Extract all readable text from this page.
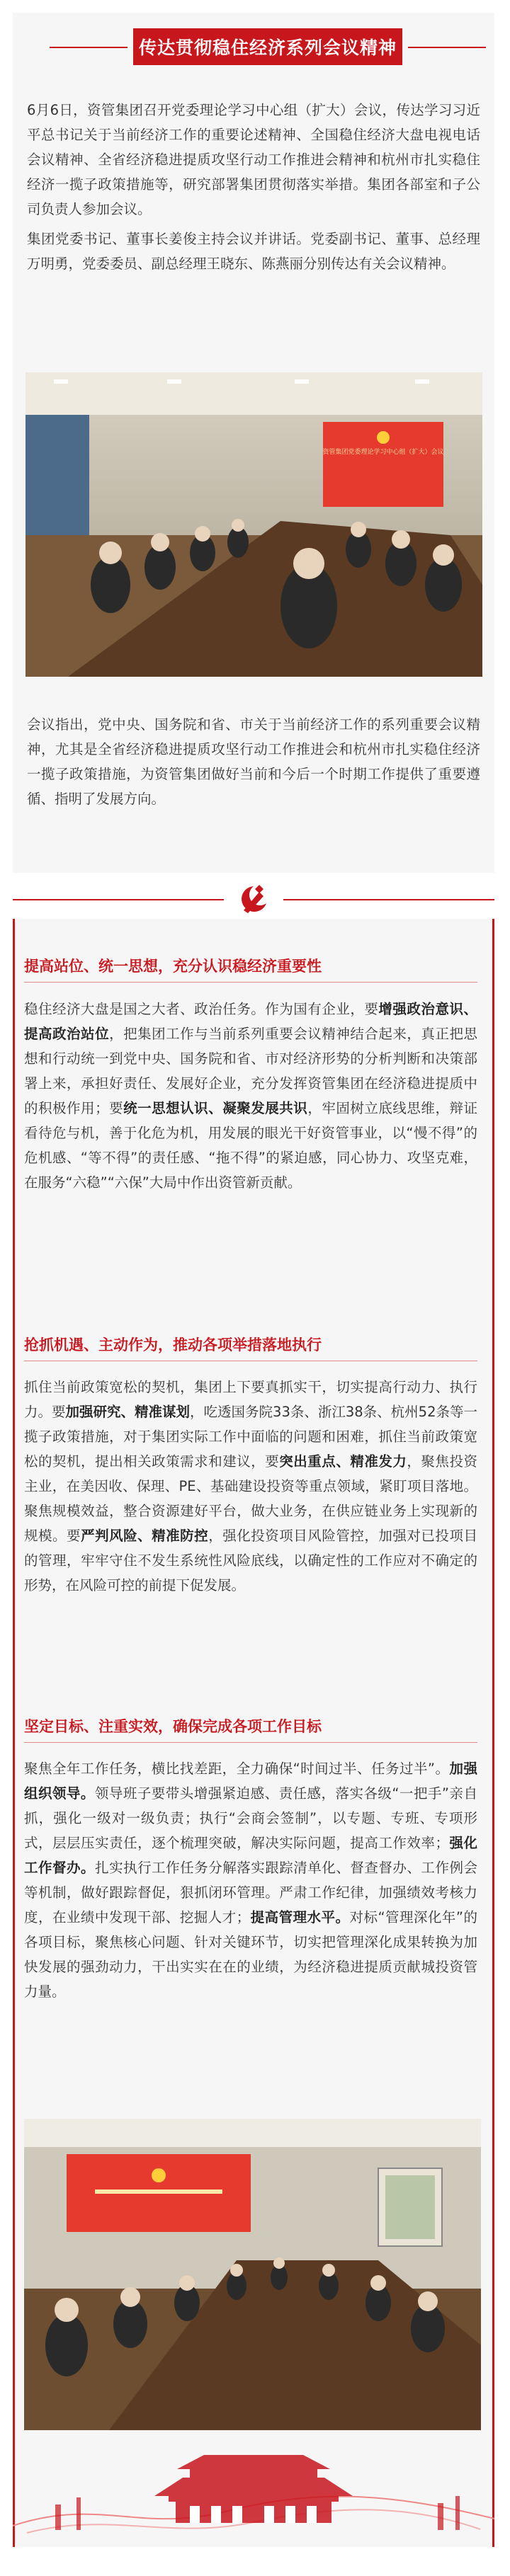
传达贯彻稳住经济系列会议精神
6月6日，资管集团召开党委理论学习中心组（扩大）会议，传达学习习近平总书记关于当前经济工作的重要论述精神、全国稳住经济大盘电视电话会议精神、全省经济稳进提质攻坚行动工作推进会精神和杭州市扎实稳住经济一揽子政策措施等，研究部署集团贯彻落实举措。集团各部室和子公司负责人参加会议。
集团党委书记、董事长姜俊主持会议并讲话。党委副书记、董事、总经理万明勇，党委委员、副总经理王晓东、陈燕丽分别传达有关会议精神。
资管集团党委理论学习中心组（扩大）会议
会议指出，党中央、国务院和省、市关于当前经济工作的系列重要会议精神，尤其是全省经济稳进提质攻坚行动工作推进会和杭州市扎实稳住经济一揽子政策措施，为资管集团做好当前和今后一个时期工作提供了重要遵循、指明了发展方向。
提高站位、统一思想，充分认识稳经济重要性
稳住经济大盘是国之大者、政治任务。作为国有企业，要增强政治意识、提高政治站位，把集团工作与当前系列重要会议精神结合起来，真正把思想和行动统一到党中央、国务院和省、市对经济形势的分析判断和决策部署上来，承担好责任、发展好企业，充分发挥资管集团在经济稳进提质中的积极作用；要统一思想认识、凝聚发展共识，牢固树立底线思维，辩证看待危与机，善于化危为机，用发展的眼光干好资管事业，以“慢不得”的危机感、“等不得”的责任感、“拖不得”的紧迫感，同心协力、攻坚克难，在服务“六稳”“六保”大局中作出资管新贡献。
抢抓机遇、主动作为，推动各项举措落地执行
抓住当前政策宽松的契机，集团上下要真抓实干，切实提高行动力、执行力。要加强研究、精准谋划，吃透国务院33条、浙江38条、杭州52条等一揽子政策措施，对于集团实际工作中面临的问题和困难，抓住当前政策宽松的契机，提出相关政策需求和建议，要突出重点、精准发力，聚焦投资主业，在美因收、保理、PE、基础建设投资等重点领域，紧盯项目落地。聚焦规模效益，整合资源建好平台，做大业务，在供应链业务上实现新的规模。要严判风险、精准防控，强化投资项目风险管控，加强对已投项目的管理，牢牢守住不发生系统性风险底线，以确定性的工作应对不确定的形势，在风险可控的前提下促发展。
坚定目标、注重实效，确保完成各项工作目标
聚焦全年工作任务，横比找差距，全力确保“时间过半、任务过半”。加强组织领导。领导班子要带头增强紧迫感、责任感，落实各级“一把手”亲自抓，强化一级对一级负责；执行“会商会签制”，以专题、专班、专项形式，层层压实责任，逐个梳理突破，解决实际问题，提高工作效率；强化工作督办。扎实执行工作任务分解落实跟踪清单化、督查督办、工作例会等机制，做好跟踪督促，狠抓闭环管理。严肃工作纪律，加强绩效考核力度，在业绩中发现干部、挖掘人才；提高管理水平。对标“管理深化年”的各项目标，聚焦核心问题、针对关键环节，切实把管理深化成果转换为加快发展的强劲动力，干出实实在在的业绩，为经济稳进提质贡献城投资管力量。
